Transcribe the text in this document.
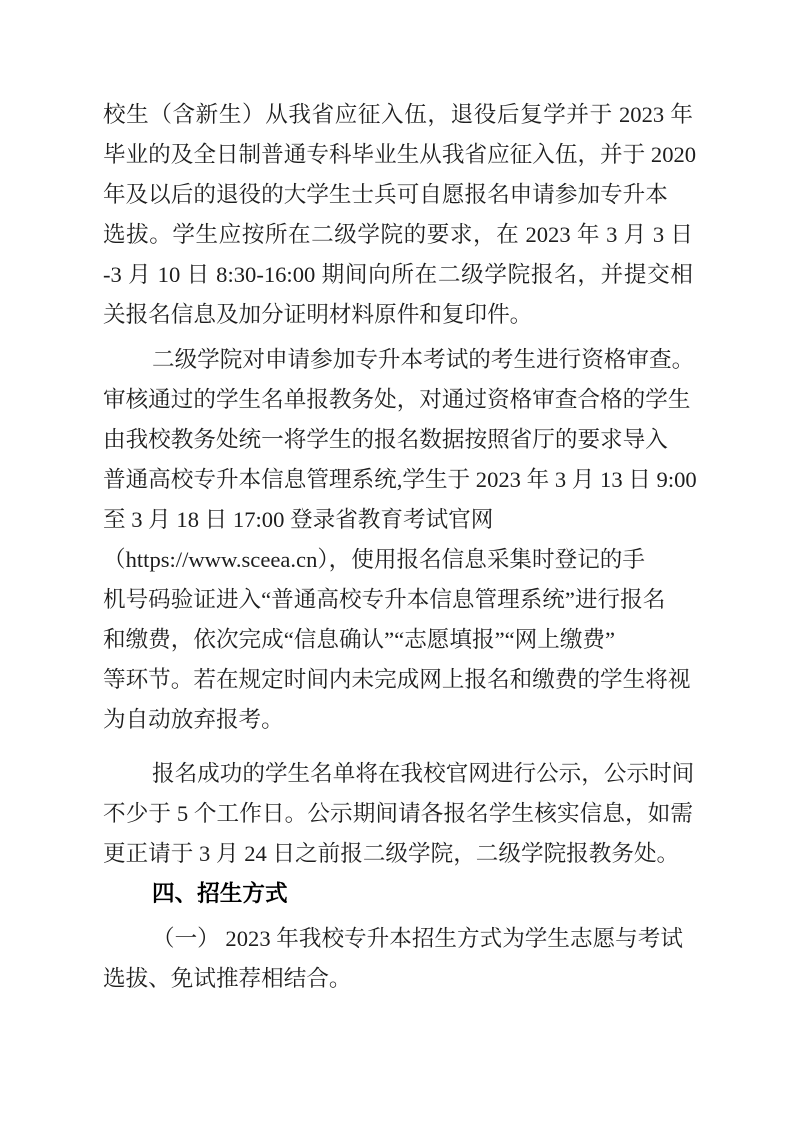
校生（含新生）从我省应征入伍，退役后复学并于 2023 年
毕业的及全日制普通专科毕业生从我省应征入伍，并于 2020
年及以后的退役的大学生士兵可自愿报名申请参加专升本
选拔。学生应按所在二级学院的要求，在 2023 年 3 月 3 日
-3 月 10 日 8:30-16:00 期间向所在二级学院报名，并提交相
关报名信息及加分证明材料原件和复印件。
二级学院对申请参加专升本考试的考生进行资格审查。
审核通过的学生名单报教务处，对通过资格审查合格的学生
由我校教务处统一将学生的报名数据按照省厅的要求导入
普通高校专升本信息管理系统,学生于 2023 年 3 月 13 日 9:00
至 3 月 18 日 17:00 登录省教育考试官网
（https://www.sceea.cn），使用报名信息采集时登记的手
机号码验证进入“普通高校专升本信息管理系统”进行报名
和缴费，依次完成“信息确认”“志愿填报”“网上缴费”
等环节。若在规定时间内未完成网上报名和缴费的学生将视
为自动放弃报考。
报名成功的学生名单将在我校官网进行公示，公示时间
不少于 5 个工作日。公示期间请各报名学生核实信息，如需
更正请于 3 月 24 日之前报二级学院，二级学院报教务处。
四、招生方式
（一） 2023 年我校专升本招生方式为学生志愿与考试
选拔、免试推荐相结合。
